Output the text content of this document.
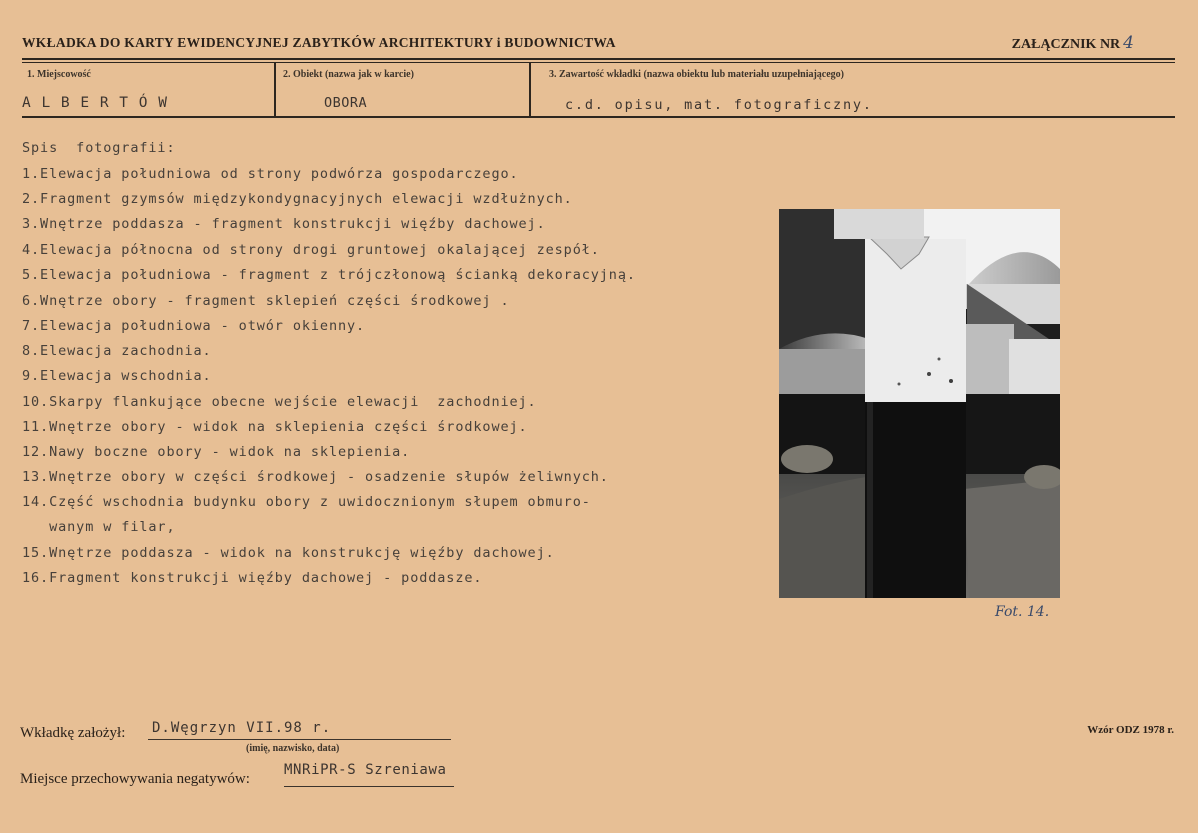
WKŁADKA DO KARTY EWIDENCYJNEJ ZABYTKÓW ARCHITEKTURY i BUDOWNICTWA	ZAŁĄCZNIK NR 4
1. Miejscowość
A L B E R T Ó W
2. Obiekt (nazwa jak w karcie)
OBORA
3. Zawartość wkładki (nazwa obiektu lub materiału uzupełniającego)
c.d. opisu, mat. fotograficzny.
Spis  fotografii:
1.Elewacja południowa od strony podwórza gospodarczego.
2.Fragment gzymsów międzykondygnacyjnych elewacji wzdłużnych.
3.Wnętrze poddasza - fragment konstrukcji więźby dachowej.
4.Elewacja północna od strony drogi gruntowej okalającej zespół.
5.Elewacja południowa - fragment z trójczłonową ścianką dekoracyjną.
6.Wnętrze obory - fragment sklepień części środkowej .
7.Elewacja południowa - otwór okienny.
8.Elewacja zachodnia.
9.Elewacja wschodnia.
10.Skarpy flankujące obecne wejście elewacji  zachodniej.
11.Wnętrze obory - widok na sklepienia części środkowej.
12.Nawy boczne obory - widok na sklepienia.
13.Wnętrze obory w części środkowej - osadzenie słupów żeliwnych.
14.Część wschodnia budynku obory z uwidocznionym słupem obmuro-
wanym w filar,
15.Wnętrze poddasza - widok na konstrukcję więźby dachowej.
16.Fragment konstrukcji więźby dachowej - poddasze.
Fot. 14.
Wkładkę założył: D.Węgrzyn VII.98 r.
(imię, nazwisko, data)
Miejsce przechowywania negatywów:
MNRiPR-S Szreniawa
Wzór ODZ 1978 r.
